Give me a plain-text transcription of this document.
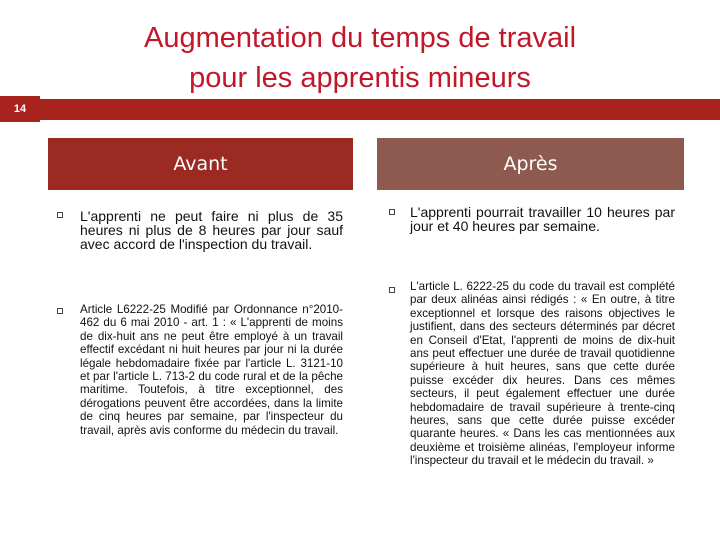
Augmentation du temps de travail
pour les apprentis mineurs
14
Avant	Après
L'apprenti ne peut faire ni plus de 35 heures ni plus de 8 heures par jour sauf avec accord de l'inspection du travail.
Article L6222-25 Modifié par Ordonnance n°2010-462 du 6 mai 2010 - art. 1 : « L'apprenti de moins de dix-huit ans ne peut être employé à un travail effectif excédant ni huit heures par jour ni la durée légale hebdomadaire fixée par l'article L. 3121-10 et par l'article L. 713-2 du code rural et de la pêche maritime. Toutefois, à titre exceptionnel, des dérogations peuvent être accordées, dans la limite de cinq heures par semaine, par l'inspecteur du travail, après avis conforme du médecin du travail.
L'apprenti pourrait travailler 10 heures par jour et 40 heures par semaine.
L'article L. 6222-25 du code du travail est complété par deux alinéas ainsi rédigés : « En outre, à titre exceptionnel et lorsque des raisons objectives le justifient, dans des secteurs déterminés par décret en Conseil d'Etat, l'apprenti de moins de dix-huit ans peut effectuer une durée de travail quotidienne supérieure à huit heures, sans que cette durée puisse excéder dix heures. Dans ces mêmes secteurs, il peut également effectuer une durée hebdomadaire de travail supérieure à trente-cinq heures, sans que cette durée puisse excéder quarante heures. « Dans les cas mentionnées aux deuxième et troisième alinéas, l'employeur informe l'inspecteur du travail et le médecin du travail. »
